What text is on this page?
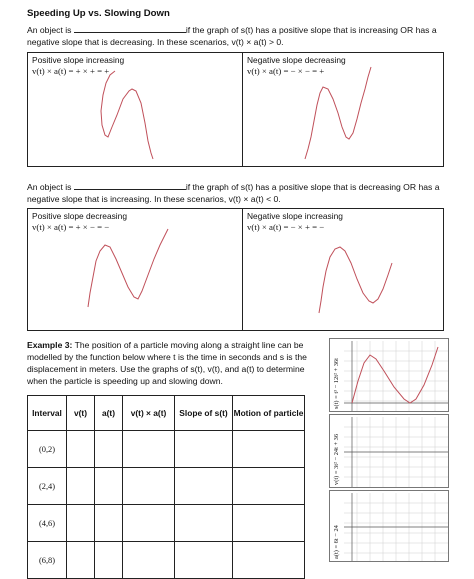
Speeding Up vs. Slowing Down
An object is	if the graph of s(t) has a positive slope that is increasing OR has a
negative slope that is decreasing. In these scenarios, v(t) × a(t) > 0.
Positive slope increasing
v(t) × a(t) = + × + = +
Negative slope decreasing
v(t) × a(t) = − × − = +
An object is	if the graph of s(t) has a positive slope that is decreasing OR has a
negative slope that is increasing. In these scenarios, v(t) × a(t) < 0.
Positive slope decreasing
v(t) × a(t) = + × − = −
Negative slope increasing
v(t) × a(t) = − × + = −
Example 3: The position of a particle moving along a straight line can be
modelled by the function below where t is the time in seconds and s is the
displacement in meters. Use the graphs of s(t), v(t), and a(t) to determine
when the particle is speeding up and slowing down.
Interval	v(t)	a(t)	v(t) × a(t)	Slope of s(t)	Motion of particle
(0,2)					
(2,4)					
(4,6)					
(6,8)					
s(t) = t³ − 12t² + 36t
v(t) = 3t² − 24t + 36
a(t) = 6t − 24
